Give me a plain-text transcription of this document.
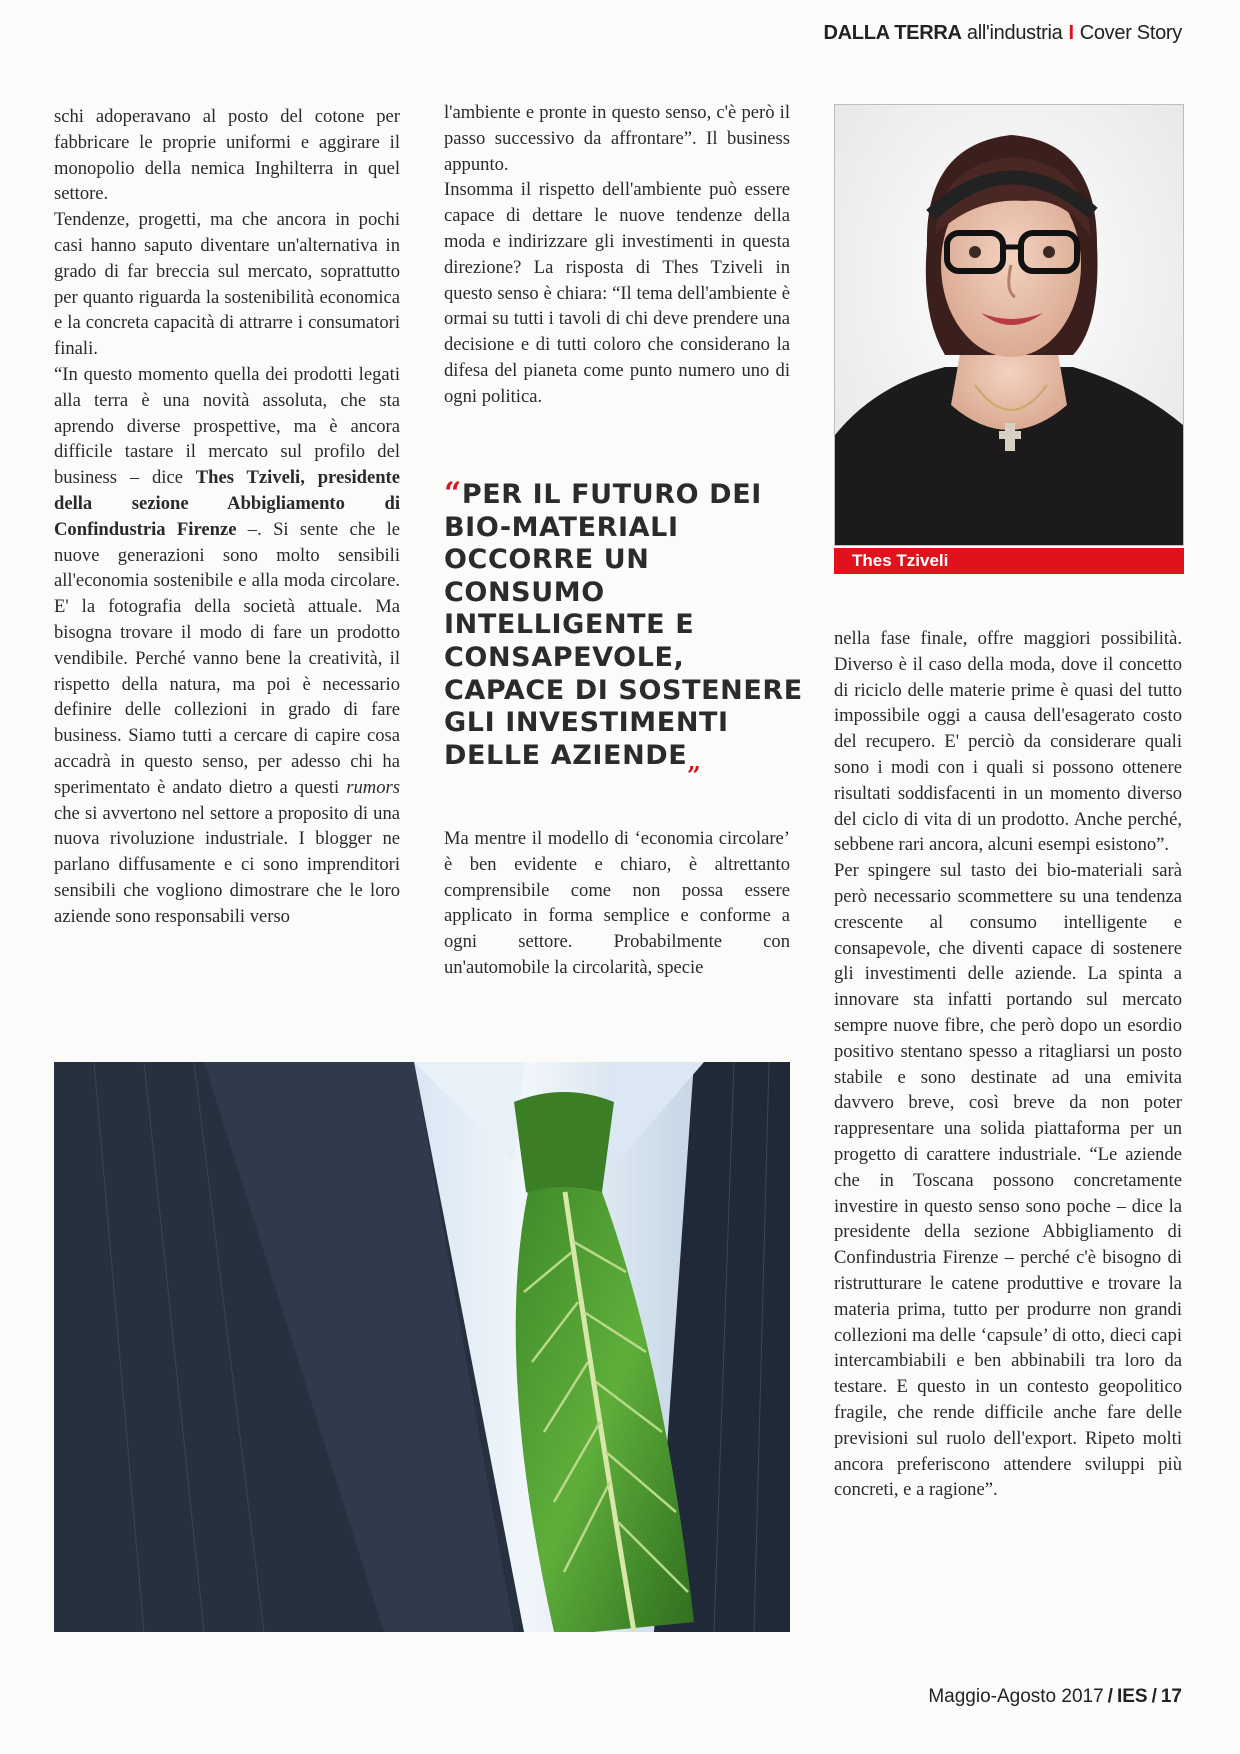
DALLA TERRA all'industria I Cover Story

schi adoperavano al posto del cotone per fabbricare le proprie uniformi e aggirare il monopolio della nemica Inghilterra in quel settore.

Tendenze, progetti, ma che ancora in pochi casi hanno saputo diventare un'alternativa in grado di far breccia sul mercato, soprattutto per quanto riguarda la sostenibilità economica e la concreta capacità di attrarre i consumatori finali.

“In questo momento quella dei prodotti legati alla terra è una novità assoluta, che sta aprendo diverse prospettive, ma è ancora difficile tastare il mercato sul profilo del business – dice Thes Tziveli, presidente della sezione Abbigliamento di Confindustria Firenze –. Si sente che le nuove generazioni sono molto sensibili all'economia sostenibile e alla moda circolare. E' la fotografia della società attuale. Ma bisogna trovare il modo di fare un prodotto vendibile. Perché vanno bene la creatività, il rispetto della natura, ma poi è necessario definire delle collezioni in grado di fare business. Siamo tutti a cercare di capire cosa accadrà in questo senso, per adesso chi ha sperimentato è andato dietro a questi rumors che si avvertono nel settore a proposito di una nuova rivoluzione industriale. I blogger ne parlano diffusamente e ci sono imprenditori sensibili che vogliono dimostrare che le loro aziende sono responsabili verso

l'ambiente e pronte in questo senso, c'è però il passo successivo da affrontare”. Il business appunto.

Insomma il rispetto dell'ambiente può essere capace di dettare le nuove tendenze della moda e indirizzare gli investimenti in questa direzione? La risposta di Thes Tziveli in questo senso è chiara: “Il tema dell'ambiente è ormai su tutti i tavoli di chi deve prendere una decisione e di tutti coloro che considerano la difesa del pianeta come punto numero uno di ogni politica.

“PER IL FUTURO DEI BIO-MATERIALI OCCORRE UN CONSUMO INTELLIGENTE E CONSAPEVOLE, CAPACE DI SOSTENERE GLI INVESTIMENTI DELLE AZIENDE„

Ma mentre il modello di ‘economia circolare’ è ben evidente e chiaro, è altrettanto comprensibile come non possa essere applicato in forma semplice e conforme a ogni settore. Probabilmente con un'automobile la circolarità, specie

Thes Tziveli

nella fase finale, offre maggiori possibilità. Diverso è il caso della moda, dove il concetto di riciclo delle materie prime è quasi del tutto impossibile oggi a causa dell'esagerato costo del recupero. E' perciò da considerare quali sono i modi con i quali si possono ottenere risultati soddisfacenti in un momento diverso del ciclo di vita di un prodotto. Anche perché, sebbene rari ancora, alcuni esempi esistono”.

Per spingere sul tasto dei bio-materiali sarà però necessario scommettere su una tendenza crescente al consumo intelligente e consapevole, che diventi capace di sostenere gli investimenti delle aziende. La spinta a innovare sta infatti portando sul mercato sempre nuove fibre, che però dopo un esordio positivo stentano spesso a ritagliarsi un posto stabile e sono destinate ad una emivita davvero breve, così breve da non poter rappresentare una solida piattaforma per un progetto di carattere industriale. “Le aziende che in Toscana possono concretamente investire in questo senso sono poche – dice la presidente della sezione Abbigliamento di Confindustria Firenze – perché c'è bisogno di ristrutturare le catene produttive e trovare la materia prima, tutto per produrre non grandi collezioni ma delle ‘capsule’ di otto, dieci capi intercambiabili e ben abbinabili tra loro da testare. E questo in un contesto geopolitico fragile, che rende difficile anche fare delle previsioni sul ruolo dell'export. Ripeto molti ancora preferiscono attendere sviluppi più concreti, e a ragione”.

Maggio-Agosto 2017 / IES / 17
